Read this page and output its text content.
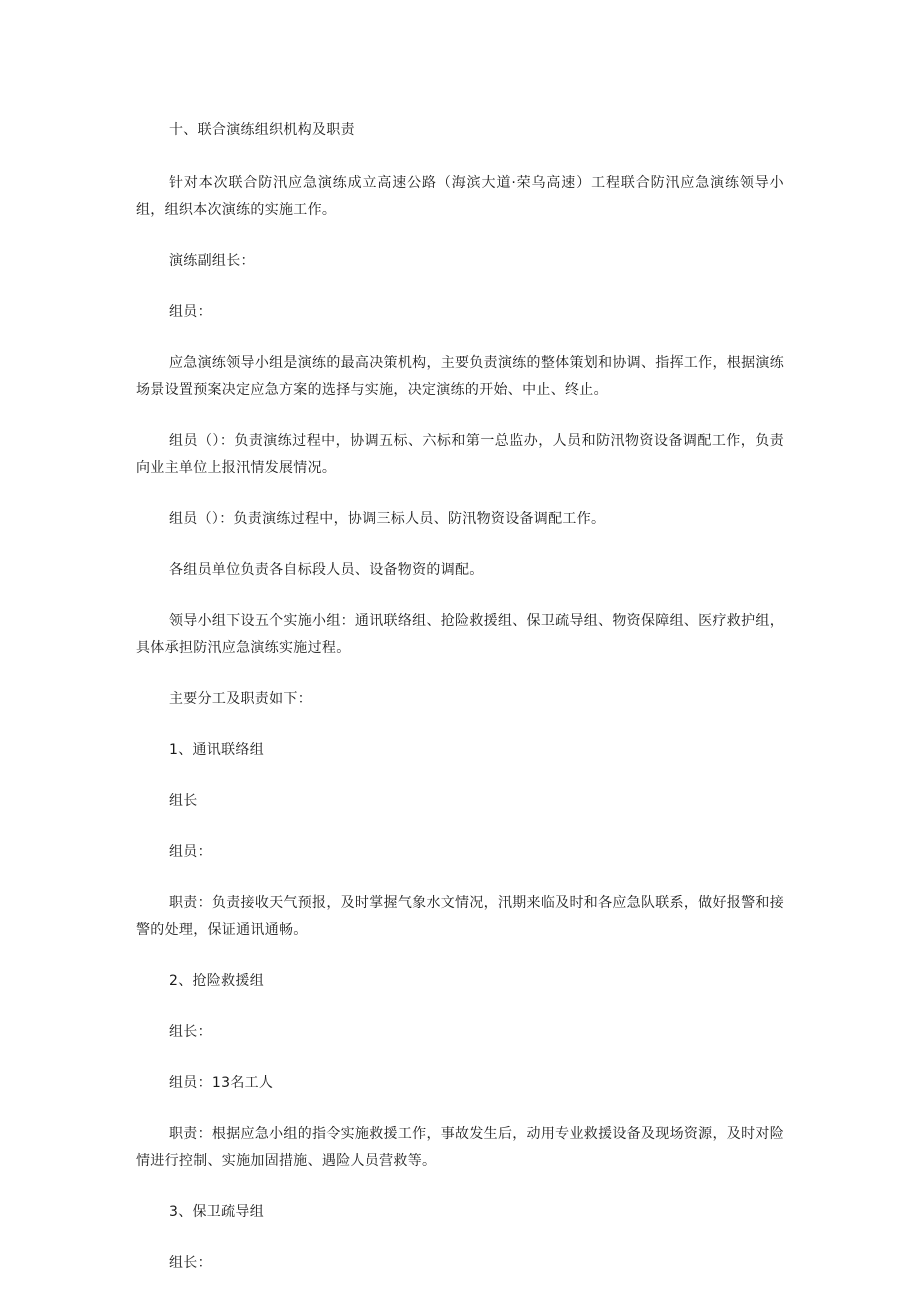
十、联合演练组织机构及职责

针对本次联合防汛应急演练成立高速公路（海滨大道·荣乌高速）工程联合防汛应急演练领导小组，组织本次演练的实施工作。

演练副组长：

组员：

应急演练领导小组是演练的最高决策机构，主要负责演练的整体策划和协调、指挥工作，根据演练场景设置预案决定应急方案的选择与实施，决定演练的开始、中止、终止。

组员（）：负责演练过程中，协调五标、六标和第一总监办，人员和防汛物资设备调配工作，负责向业主单位上报汛情发展情况。

组员（）：负责演练过程中，协调三标人员、防汛物资设备调配工作。

各组员单位负责各自标段人员、设备物资的调配。

领导小组下设五个实施小组：通讯联络组、抢险救援组、保卫疏导组、物资保障组、医疗救护组，具体承担防汛应急演练实施过程。

主要分工及职责如下：

1、通讯联络组

组长

组员：

职责：负责接收天气预报，及时掌握气象水文情况，汛期来临及时和各应急队联系，做好报警和接警的处理，保证通讯通畅。

2、抢险救援组

组长：

组员：13名工人

职责：根据应急小组的指令实施救援工作，事故发生后，动用专业救援设备及现场资源，及时对险情进行控制、实施加固措施、遇险人员营救等。

3、保卫疏导组

组长：
